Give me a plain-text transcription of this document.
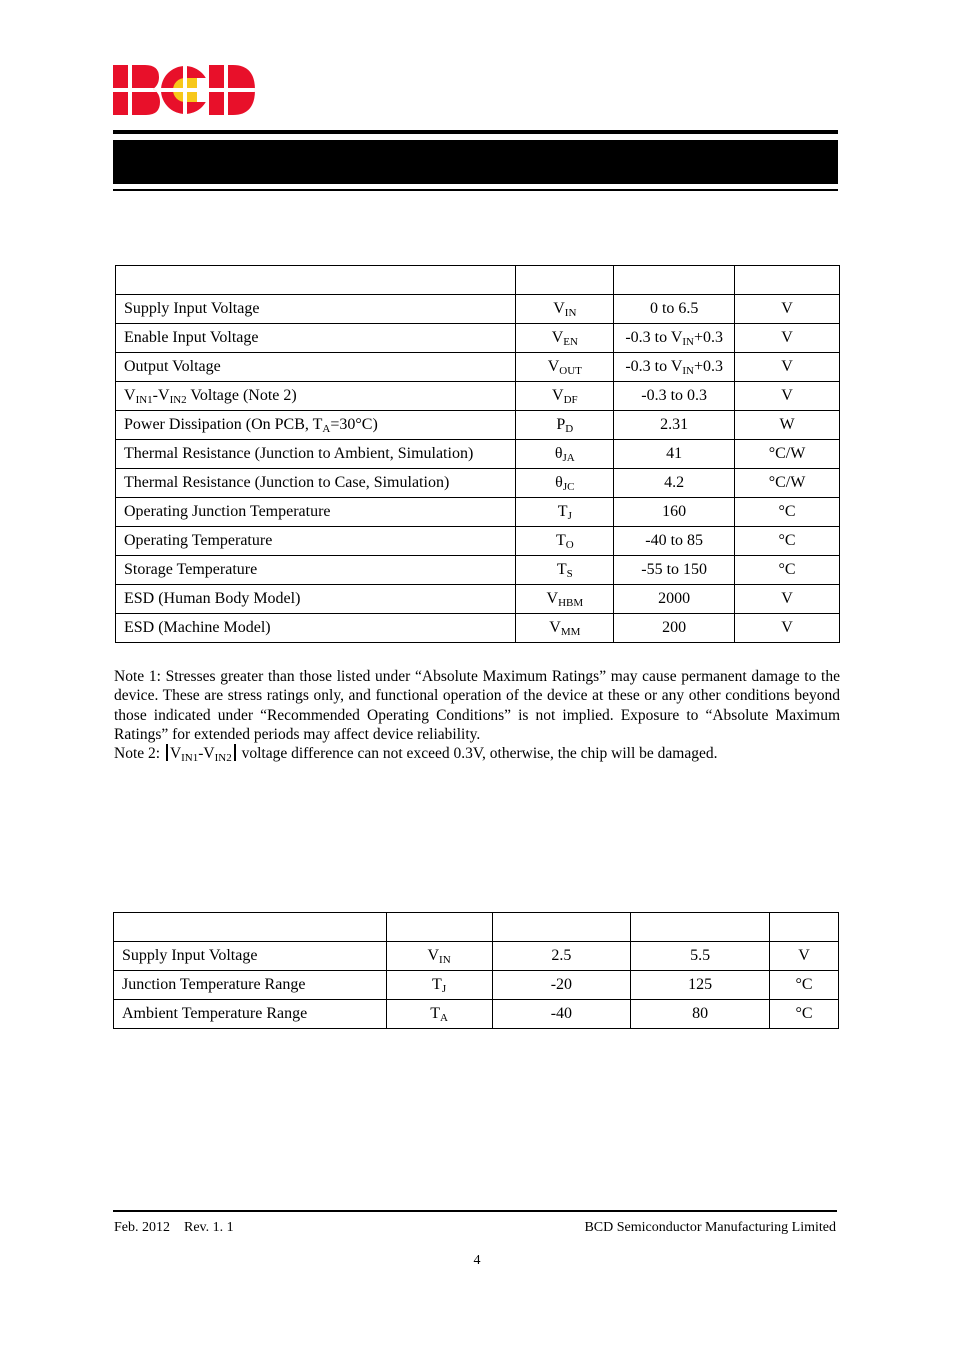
Supply Input Voltage	$V_{IN}$	0 to 6.5	V
Enable Input Voltage	$V_{EN}$	-0.3 to $V_{IN}+0.3$	V
Output Voltage	$V_{OUT}$	-0.3 to $V_{IN}+0.3$	V
$V_{IN1}-V_{IN2}$ Voltage (Note 2)	$V_{DF}$	-0.3 to 0.3	V
Power Dissipation (On PCB, $T_A=30^\circ C$)	$P_D$	2.31	W
Thermal Resistance (Junction to Ambient, Simulation)	$\theta_{JA}$	41	°C/W
Thermal Resistance (Junction to Case, Simulation)	$\theta_{JC}$	4.2	°C/W
Operating Junction Temperature	$T_J$	160	°C
Operating Temperature	$T_O$	-40 to 85	°C
Storage Temperature	$T_S$	-55 to 150	°C
ESD (Human Body Model)	$V_{HBM}$	2000	V
ESD (Machine Model)	$V_{MM}$	200	V

Note 1: Stresses greater than those listed under “Absolute Maximum Ratings” may cause permanent damage to the device. These are stress ratings only, and functional operation of the device at these or any other conditions beyond those indicated under “Recommended Operating Conditions” is not implied. Exposure to “Absolute Maximum Ratings” for extended periods may affect device reliability.

Note 2: $V_{IN1}-V_{IN2}$ voltage difference can not exceed 0.3V, otherwise, the chip will be damaged.

Supply Input Voltage	$V_{IN}$	2.5	5.5	V
Junction Temperature Range	$T_J$	-20	125	°C
Ambient Temperature Range	$T_A$	-40	80	°C
Feb. 2012    Rev. 1. 1	BCD Semiconductor Manufacturing Limited
4
